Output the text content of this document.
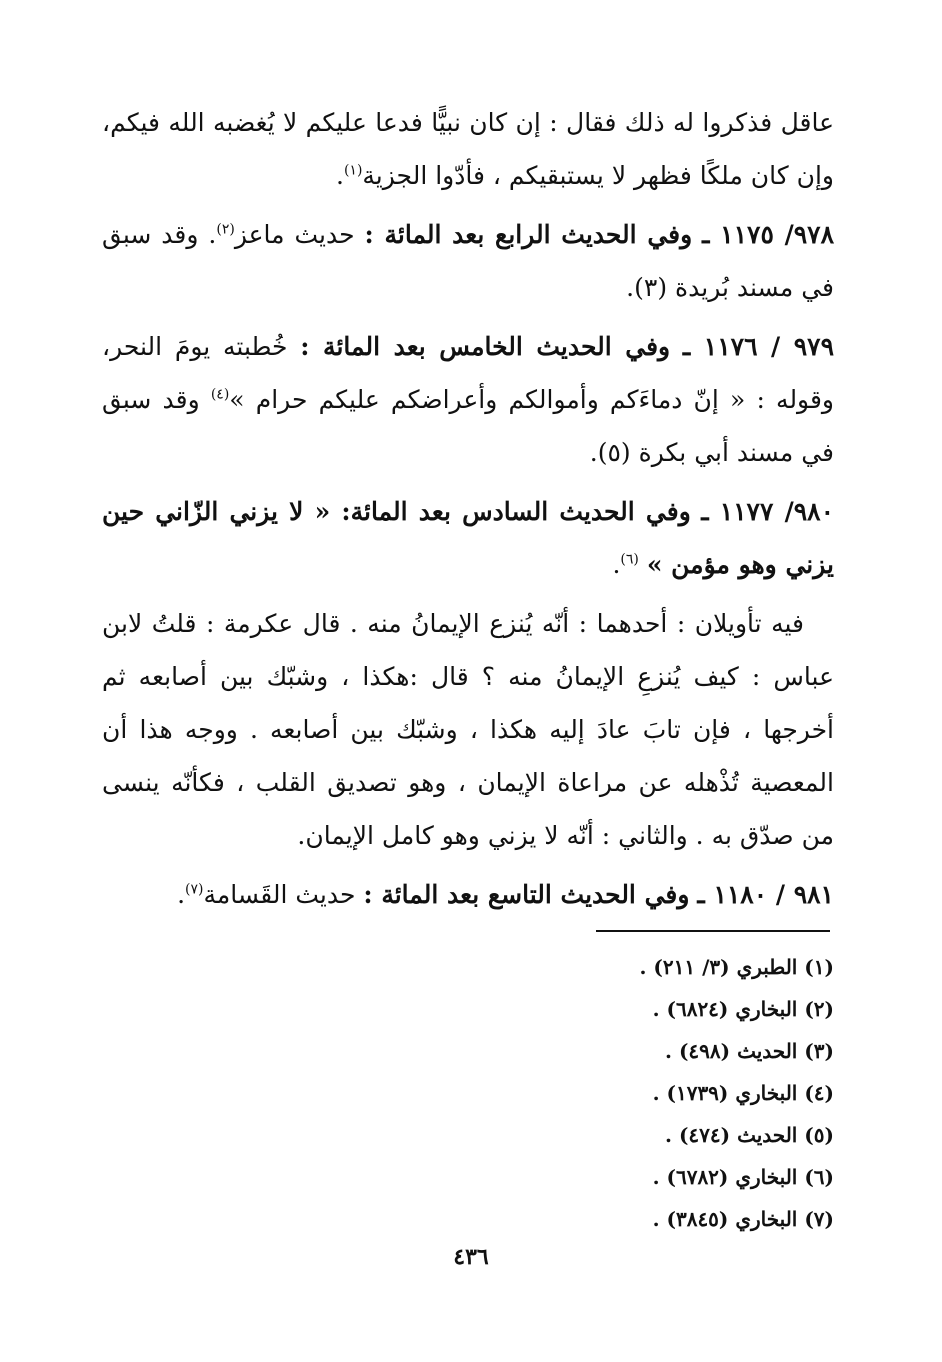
عاقل فذكروا له ذلك فقال : إن كان نبيًّا فدعا عليكم لا يُغضبه الله فيكم، وإن كان ملكًا فظهر لا يستبقيكم ، فأدّوا الجزية$^{(١)}$.

٩٧٨/ ١١٧٥ ـ وفي الحديث الرابع بعد المائة : حديث ماعز$^{(٢)}$. وقد سبق في مسند بُريدة (٣).

٩٧٩ / ١١٧٦ ـ وفي الحديث الخامس بعد المائة : خُطبته يومَ النحر، وقوله : « إنّ دماءَكم وأموالكم وأعراضكم عليكم حرام »$^{(٤)}$ وقد سبق في مسند أبي بكرة (٥).

٩٨٠/ ١١٧٧ ـ وفي الحديث السادس بعد المائة: « لا يزني الزّاني حين يزني وهو مؤمن » $^{(٦)}$.

فيه تأويلان : أحدهما : أنّه يُنزع الإيمانُ منه . قال عكرمة : قلتُ لابن عباس : كيف يُنزعِ الإيمانُ منه ؟ قال :هكذا ، وشبّك بين أصابعه ثم أخرجها ، فإن تابَ عادَ إليه هكذا ، وشبّك بين أصابعه . ووجه هذا أن المعصية تُذْهله عن مراعاة الإيمان ، وهو تصديق القلب ، فكأنّه ينسى من صدّق به . والثاني : أنّه لا يزني وهو كامل الإيمان.

٩٨١ / ١١٨٠ ـ وفي الحديث التاسع بعد المائة : حديث القَسامة$^{(٧)}$.

(١) الطبري (٣/ ٢١١) .
(٢) البخاري (٦٨٢٤) .
(٣) الحديث (٤٩٨) .
(٤) البخاري (١٧٣٩) .
(٥) الحديث (٤٧٤) .
(٦) البخاري (٦٧٨٢) .
(٧) البخاري (٣٨٤٥) .
٤٣٦
